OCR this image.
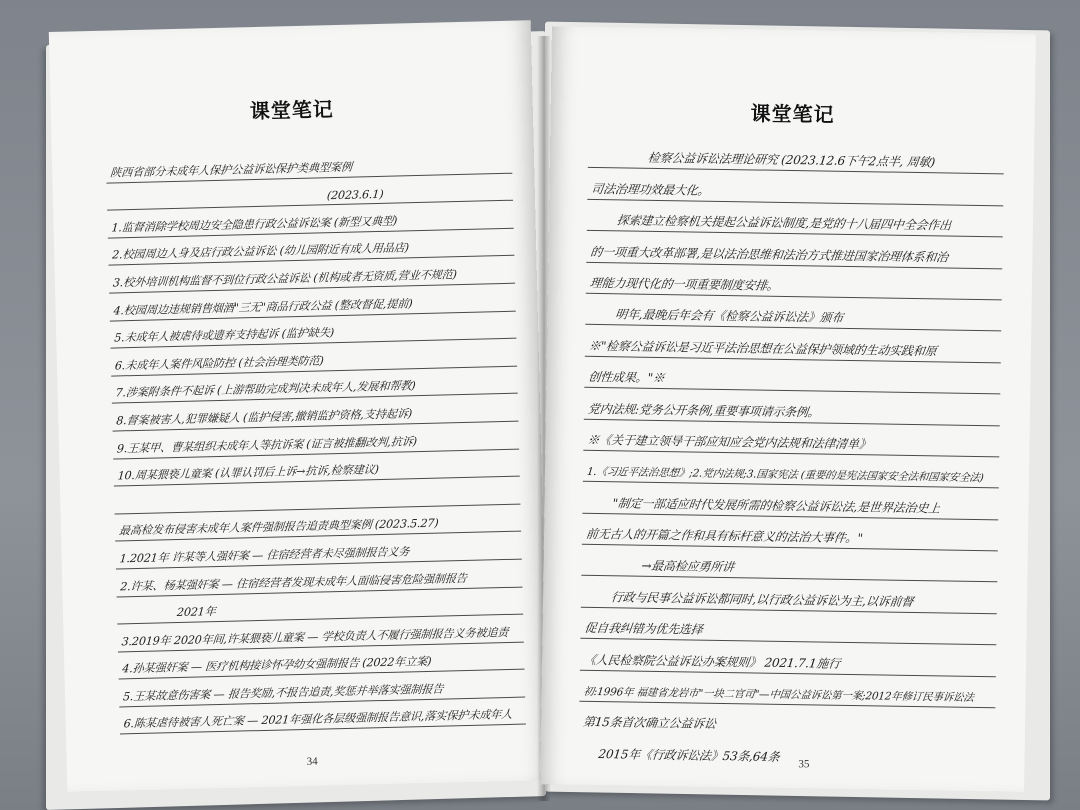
课堂笔记
陕西省部分未成年人保护公益诉讼保护类典型案例
(2023.6.1)
1.监督消除学校周边安全隐患行政公益诉讼案 (新型又典型)
2.校园周边人身及店行政公益诉讼 (幼儿园附近有成人用品店)
3.校外培训机构监督不到位行政公益诉讼 (机构或者无资质,营业不规范)
4.校园周边违规销售烟酒"三无"商品行政公益 (整改督促,提前)
5.未成年人被虐待或遗弃支持起诉 (监护缺失)
6.未成年人案件风险防控 (社会治理类防范)
7.涉案附条件不起诉 (上游帮助完成判决未成年人,发展和帮教)
8.督案被害人,犯罪嫌疑人 (监护侵害,撤销监护资格,支持起诉)
9.王某甲、曹某组织未成年人等抗诉案 (证言被推翻改判,抗诉)
10.周某猥亵儿童案 (认罪认罚后上诉→抗诉,检察建议)
最高检发布侵害未成年人案件强制报告追责典型案例 (2023.5.27)
1.2021年 许某等人强奸案 — 住宿经营者未尽强制报告义务
2.许某、杨某强奸案 — 住宿经营者发现未成年人面临侵害危险强制报告
2021年
3.2019年 2020年间,许某猥亵儿童案 — 学校负责人不履行强制报告义务被追责
4.孙某强奸案 — 医疗机构接诊怀孕幼女强制报告 (2022年立案)
5.王某故意伤害案 — 报告奖励,不报告追责,奖惩并举落实强制报告
6.陈某虐待被害人死亡案 — 2021年强化各层级强制报告意识,落实保护未成年人
34
课堂笔记
检察公益诉讼法理论研究 (2023.12.6下午2点半, 周敏)
司法治理功效最大化。
探索建立检察机关提起公益诉讼制度,是党的十八届四中全会作出
的一项重大改革部署,是以法治思维和法治方式推进国家治理体系和治
理能力现代化的一项重要制度安排。
明年,最晚后年会有《检察公益诉讼法》颁布
※"检察公益诉讼是习近平法治思想在公益保护领域的生动实践和原
创性成果。"※
党内法规:党务公开条例,重要事项请示条例。
※《关于建立领导干部应知应会党内法规和法律清单》
1.《习近平法治思想》;2.党内法规;3.国家宪法 (重要的是宪法国家安全法和国家安全法)
"制定一部适应时代发展所需的检察公益诉讼法,是世界法治史上
前无古人的开篇之作和具有标杆意义的法治大事件。"
→最高检应勇所讲
行政与民事公益诉讼都同时,以行政公益诉讼为主,以诉前督
促自我纠错为优先选择
《人民检察院公益诉讼办案规则》 2021.7.1施行
初:1996年 福建省龙岩市"一块二官司"—中国公益诉讼第一案;2012年修订民事诉讼法
第15条首次确立公益诉讼
2015年《行政诉讼法》53条,64条
35
